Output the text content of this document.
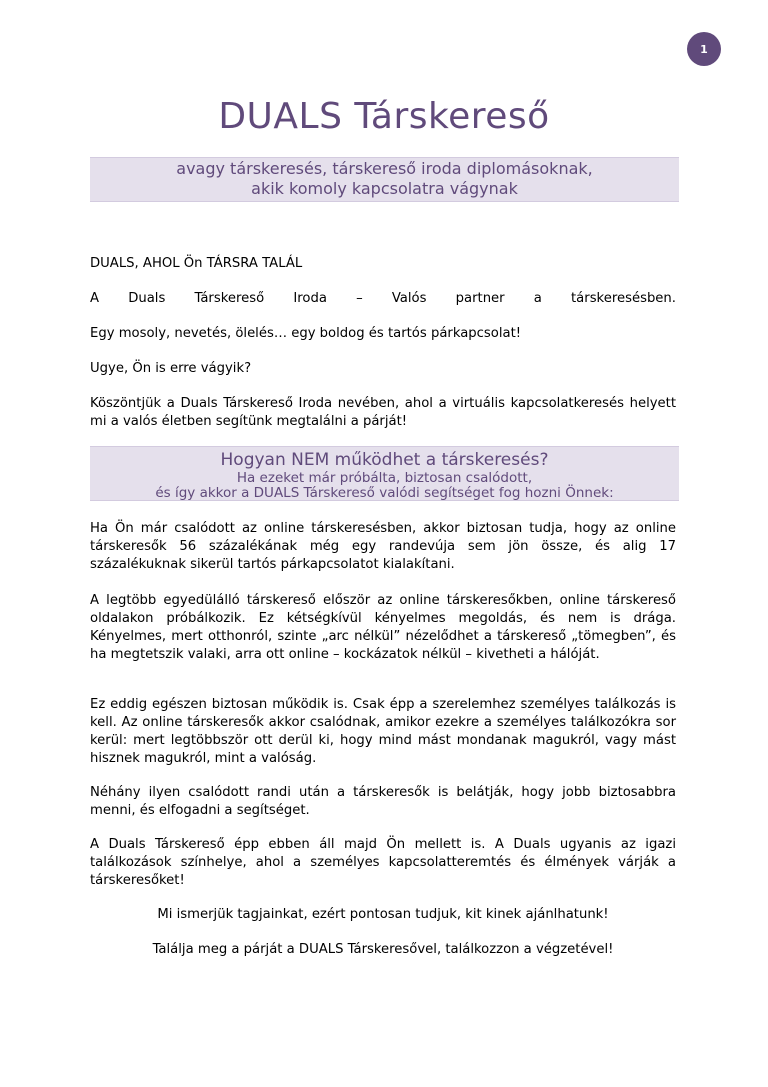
1
DUALS Társkereső
avagy társkeresés, társkereső iroda diplomásoknak,
akik komoly kapcsolatra vágynak
DUALS, AHOL Ön TÁRSRA TALÁL
A Duals Társkereső Iroda – Valós partner a társkeresésben.
Egy mosoly, nevetés, ölelés… egy boldog és tartós párkapcsolat!
Ugye, Ön is erre vágyik?
Köszöntjük a Duals Társkereső Iroda nevében, ahol a virtuális kapcsolatkeresés helyett mi a valós életben segítünk megtalálni a párját!
Hogyan NEM működhet a társkeresés?
Ha ezeket már próbálta, biztosan csalódott,
és így akkor a DUALS Társkereső valódi segítséget fog hozni Önnek:
Ha Ön már csalódott az online társkeresésben, akkor biztosan tudja, hogy az online társkeresők 56 százalékának még egy randevúja sem jön össze, és alig 17 százalékuknak sikerül tartós párkapcsolatot kialakítani.
A legtöbb egyedülálló társkereső először az online társkeresőkben, online társkereső oldalakon próbálkozik. Ez kétségkívül kényelmes megoldás, és nem is drága. Kényelmes, mert otthonról, szinte „arc nélkül” nézelődhet a társkereső „tömegben”, és ha megtetszik valaki, arra ott online – kockázatok nélkül – kivetheti a hálóját.
Ez eddig egészen biztosan működik is. Csak épp a szerelemhez személyes találkozás is kell. Az online társkeresők akkor csalódnak, amikor ezekre a személyes találkozókra sor kerül: mert legtöbbször ott derül ki, hogy mind mást mondanak magukról, vagy mást hisznek magukról, mint a valóság.
Néhány ilyen csalódott randi után a társkeresők is belátják, hogy jobb biztosabbra menni, és elfogadni a segítséget.
A Duals Társkereső épp ebben áll majd Ön mellett is. A Duals ugyanis az igazi találkozások színhelye, ahol a személyes kapcsolatteremtés és élmények várják a társkeresőket!
Mi ismerjük tagjainkat, ezért pontosan tudjuk, kit kinek ajánlhatunk!
Találja meg a párját a DUALS Társkeresővel, találkozzon a végzetével!
